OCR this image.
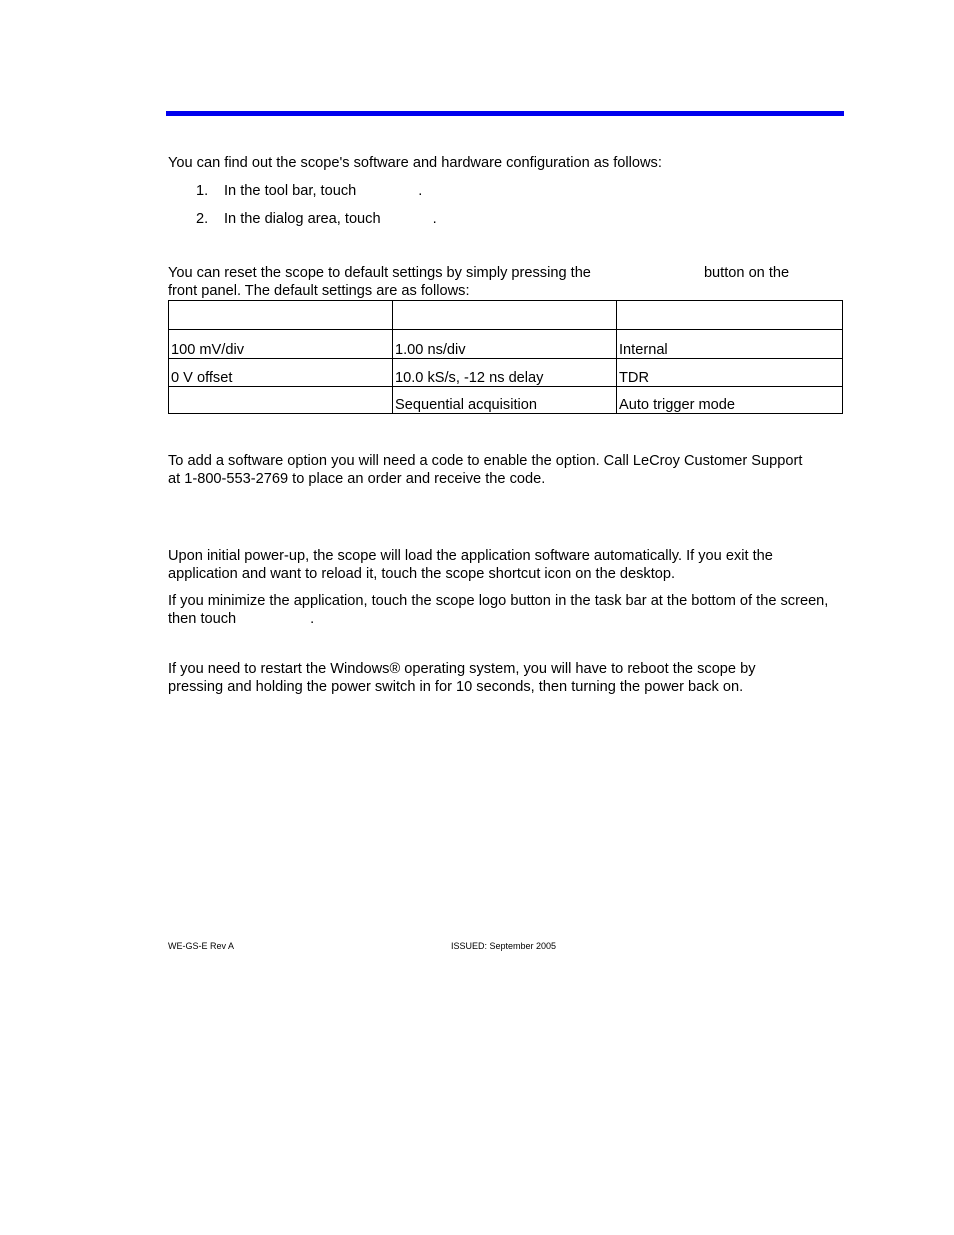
You can find out the scope's software and hardware configuration as follows:

1. In the tool bar, touch	.
2. In the dialog area, touch	.
You can reset the scope to default settings by simply pressing the	button on the

front panel. The default settings are as follows:

100 mV/div	1.00 ns/div	Internal
0 V offset	10.0 kS/s, -12 ns delay	TDR
	Sequential acquisition	Auto trigger mode

To add a software option you will need a code to enable the option. Call LeCroy Customer Support at 1-800-553-2769 to place an order and receive the code.

Upon initial power-up, the scope will load the application software automatically. If you exit the application and want to reload it, touch the scope shortcut icon on the desktop.

If you minimize the application, touch the scope logo button in the task bar at the bottom of the screen, then touch	.

If you need to restart the Windows® operating system, you will have to reboot the scope by pressing and holding the power switch in for 10 seconds, then turning the power back on.

WE-GS-E Rev A	ISSUED: September 2005
